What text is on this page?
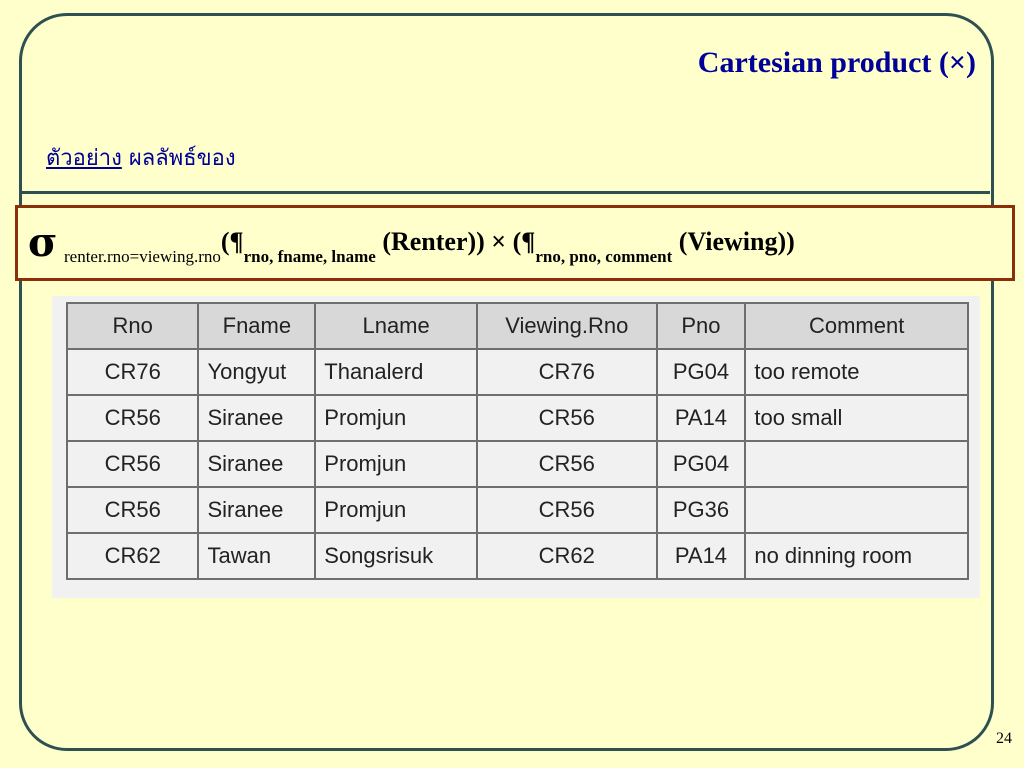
Cartesian product (×)
ตัวอย่าง ผลลัพธ์ของ
σ $_{renter.rno=viewing.rno}(\P_{rno, fname, lname}$ (Renter)) × ($\P_{rno, pno, comment}$ (Viewing))
Rno	Fname	Lname	Viewing.Rno	Pno	Comment
CR76	Yongyut	Thanalerd	CR76	PG04	too remote
CR56	Siranee	Promjun	CR56	PA14	too small
CR56	Siranee	Promjun	CR56	PG04	
CR56	Siranee	Promjun	CR56	PG36	
CR62	Tawan	Songsrisuk	CR62	PA14	no dinning room
24
